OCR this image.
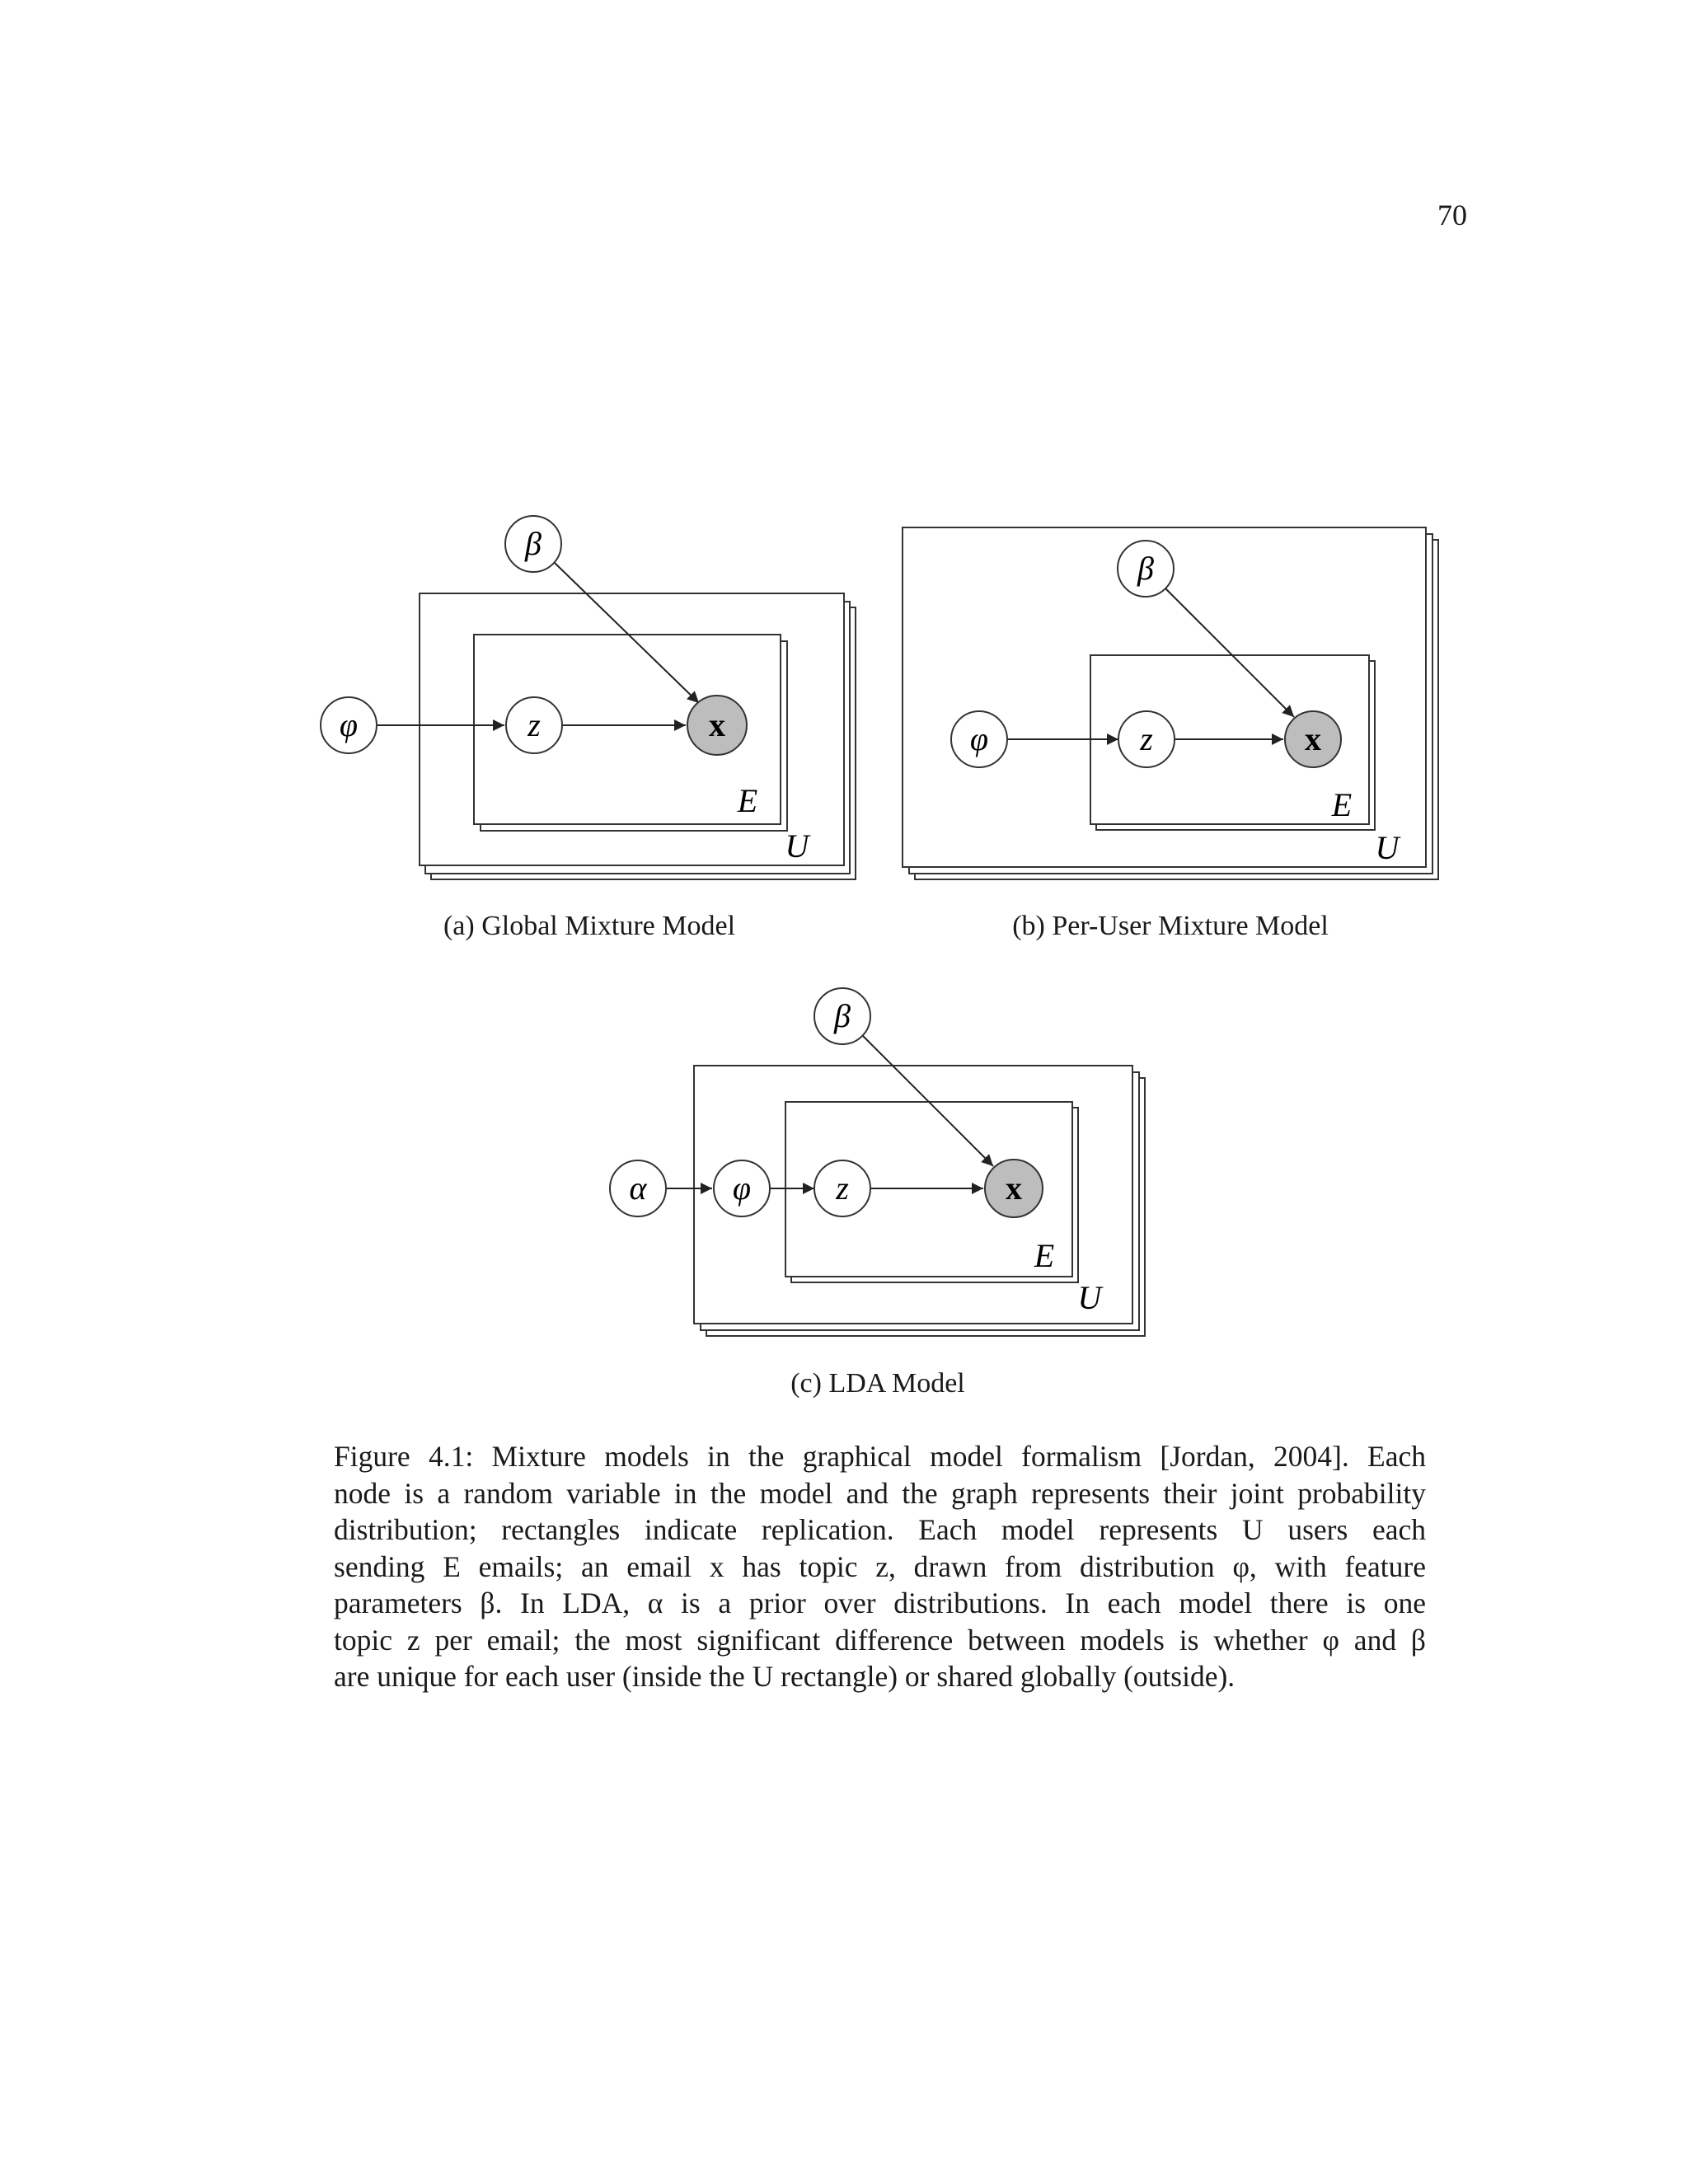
70
φ
β
z	x
E
U
(a) Global Mixture Model
φ
β
z	x
E
U
(b) Per-User Mixture Model
α	φ
β
z	x
E
U
(c) LDA Model
Figure 4.1: Mixture models in the graphical model formalism [Jordan, 2004]. Each
node is a random variable in the model and the graph represents their joint probability
distribution; rectangles indicate replication. Each model represents U users each
sending E emails; an email x has topic z, drawn from distribution φ, with feature
parameters β. In LDA, α is a prior over distributions. In each model there is one
topic z per email; the most significant difference between models is whether φ and β
are unique for each user (inside the U rectangle) or shared globally (outside).
